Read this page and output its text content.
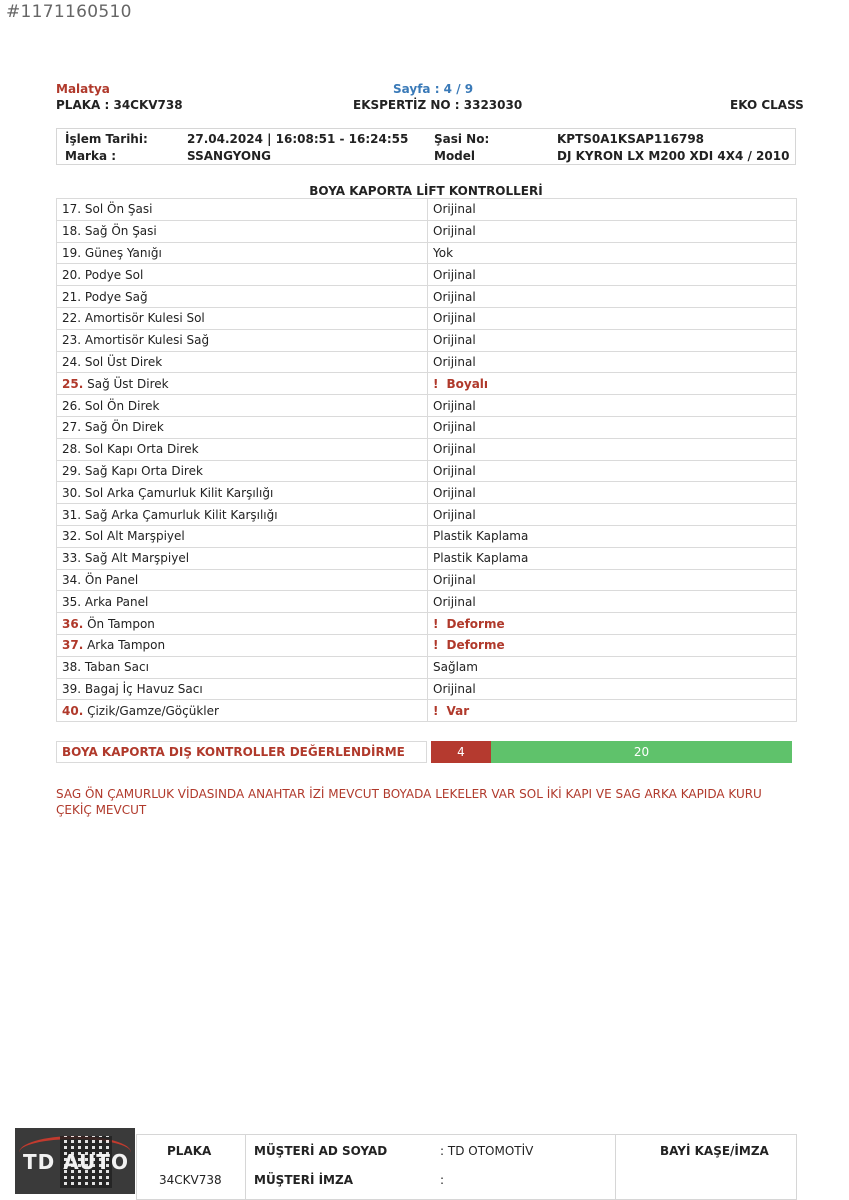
#1171160510
Malatya	Sayfa : 4 / 9
PLAKA : 34CKV738	EKSPERTİZ NO : 3323030	EKO CLASS
İşlem Tarihi:	27.04.2024 | 16:08:51 - 16:24:55 Şasi No:	KPTS0A1KSAP116798
Marka :	SSANGYONG	Model	DJ KYRON LX M200 XDI 4X4 / 2010
BOYA KAPORTA LİFT KONTROLLERİ
17. Sol Ön Şasi	Orijinal
18. Sağ Ön Şasi	Orijinal
19. Güneş Yanığı	Yok
20. Podye Sol	Orijinal
21. Podye Sağ	Orijinal
22. Amortisör Kulesi Sol	Orijinal
23. Amortisör Kulesi Sağ	Orijinal
24. Sol Üst Direk	Orijinal
25. Sağ Üst Direk	! Boyalı
26. Sol Ön Direk	Orijinal
27. Sağ Ön Direk	Orijinal
28. Sol Kapı Orta Direk	Orijinal
29. Sağ Kapı Orta Direk	Orijinal
30. Sol Arka Çamurluk Kilit Karşılığı	Orijinal
31. Sağ Arka Çamurluk Kilit Karşılığı	Orijinal
32. Sol Alt Marşpiyel	Plastik Kaplama
33. Sağ Alt Marşpiyel	Plastik Kaplama
34. Ön Panel	Orijinal
35. Arka Panel	Orijinal
36. Ön Tampon	! Deforme
37. Arka Tampon	! Deforme
38. Taban Sacı	Sağlam
39. Bagaj İç Havuz Sacı	Orijinal
40. Çizik/Gamze/Göçükler	! Var
BOYA KAPORTA DIŞ KONTROLLER DEĞERLENDİRME	4	20
SAG ÖN ÇAMURLUK VİDASINDA ANAHTAR İZİ MEVCUT BOYADA LEKELER VAR SOL İKİ KAPI VE SAG ARKA KAPIDA KURU ÇEKİÇ MEVCUT
TD AUTO	PLAKA
34CKV738
MÜŞTERİ AD SOYAD	: TD OTOMOTİV
MÜŞTERİ İMZA	:
BAYİ KAŞE/İMZA
